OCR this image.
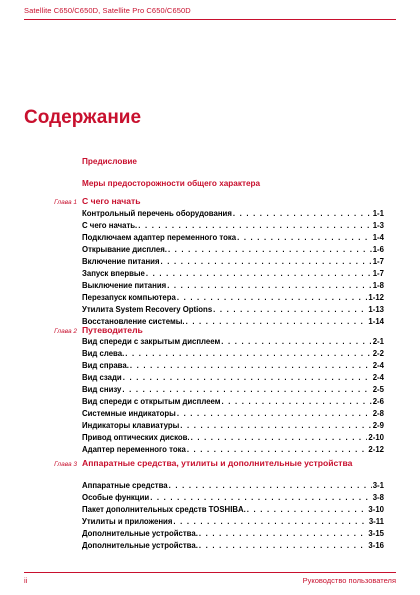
Satellite C650/C650D, Satellite Pro C650/C650D
Содержание
Предисловие
Меры предосторожности общего характера
Глава 1 С чего начать
Контрольный перечень оборудования . . .	1-1
С чего начать. . . .	1-3
Подключаем адаптер переменного тока . . .	1-4
Открывание дисплея. . . .	1-6
Включение питания . . .	1-7
Запуск впервые . . .	1-7
Выключение питания . . .	1-8
Перезапуск компьютера . . .	1-12
Утилита System Recovery Options . . .	1-13
Восстановление системы. . . .	1-14
Глава 2 Путеводитель
Вид спереди с закрытым дисплеем . . .	2-1
Вид слева. . . .	2-2
Вид справа. . . .	2-4
Вид сзади . . .	2-4
Вид снизу . . .	2-5
Вид спереди с открытым дисплеем . . .	2-6
Системные индикаторы . . .	2-8
Индикаторы клавиатуры . . .	2-9
Привод оптических дисков. . . .	2-10
Адаптер переменного тока . . .	2-12
Глава 3 Аппаратные средства, утилиты и дополнительные устройства
Аппаратные средства . . .	3-1
Особые функции . . .	3-8
Пакет дополнительных средств TOSHIBA. . . .	3-10
Утилиты и приложения . . .	3-11
Дополнительные устройства. . . .	3-15
Дополнительные устройства. . . .	3-16
ii	Руководство пользователя
